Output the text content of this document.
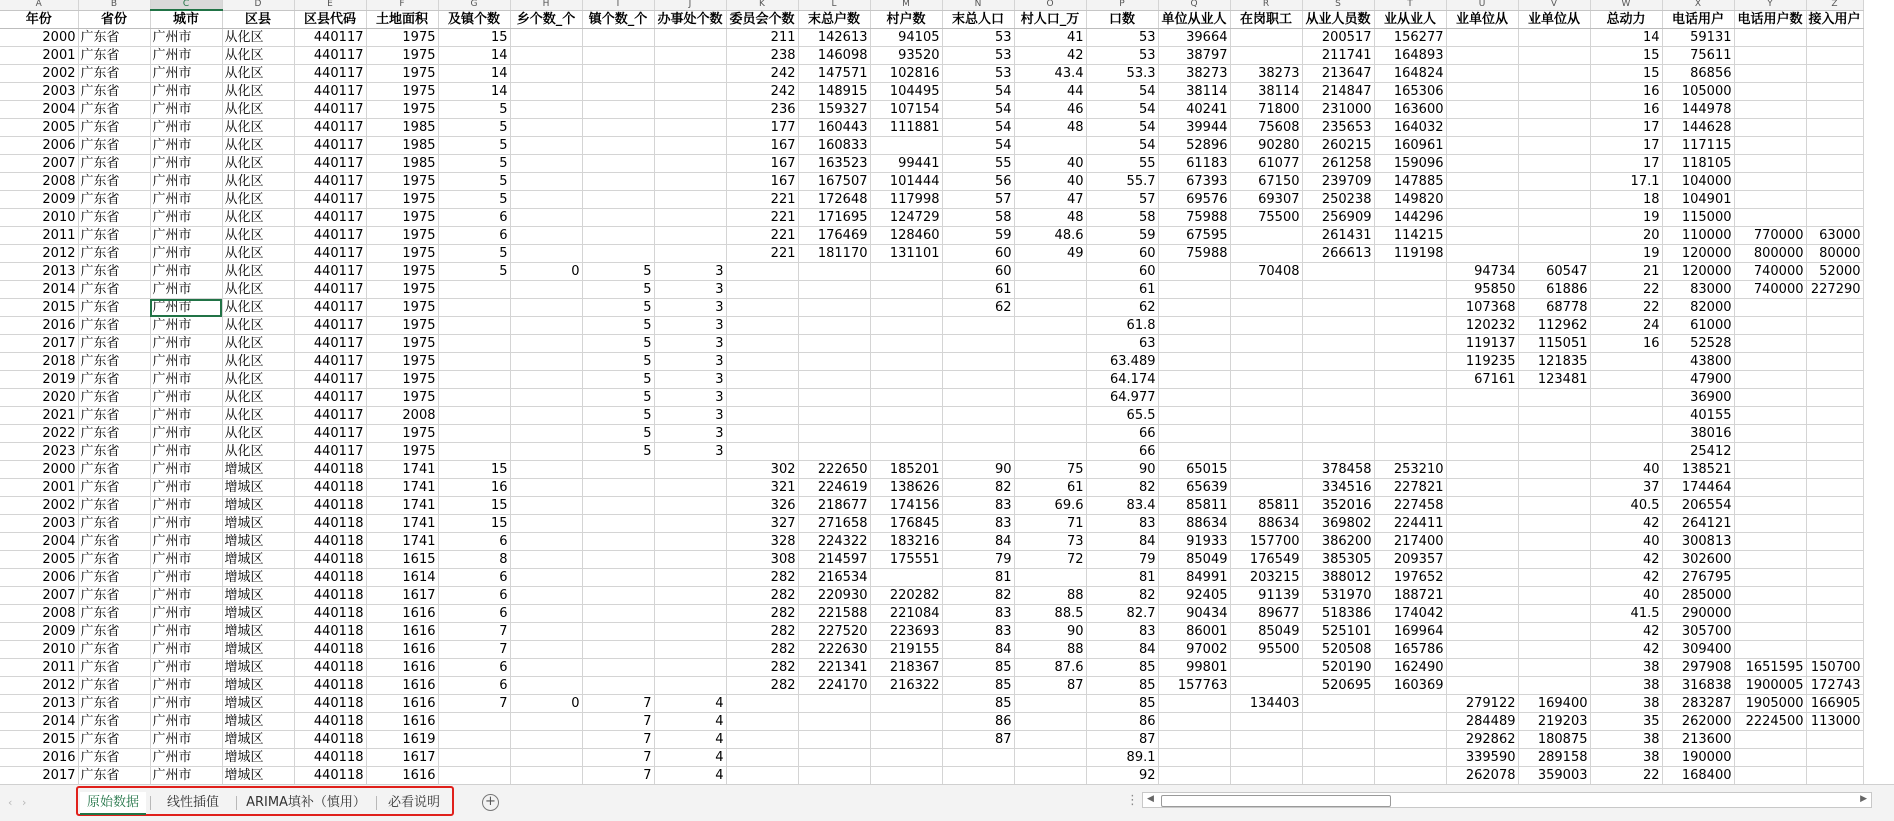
A	B	C	D	E	F	G	H	I	J	K	L	M	N	O	P	Q	R	S	T	U	V	W	X	Y	Z
年份	省份	城市	区县	区县代码	土地面积	及镇个数	乡个数_个	镇个数_个	办事处个数	委员会个数	末总户数	村户数	末总人口	村人口_万	口数	单位从业人	在岗职工	从业人员数	业从业人	业单位从	业单位从	总动力	电话用户	电话用户数	接入用户
2000	广东省	广州市	从化区	440117	1975	15				211	142613	94105	53	41	53	39664		200517	156277			14	59131		
2001	广东省	广州市	从化区	440117	1975	14				238	146098	93520	53	42	53	38797		211741	164893			15	75611		
2002	广东省	广州市	从化区	440117	1975	14				242	147571	102816	53	43.4	53.3	38273	38273	213647	164824			15	86856		
2003	广东省	广州市	从化区	440117	1975	14				242	148915	104495	54	44	54	38114	38114	214847	165306			16	105000		
2004	广东省	广州市	从化区	440117	1975	5				236	159327	107154	54	46	54	40241	71800	231000	163600			16	144978		
2005	广东省	广州市	从化区	440117	1985	5				177	160443	111881	54	48	54	39944	75608	235653	164032			17	144628		
2006	广东省	广州市	从化区	440117	1985	5				167	160833		54		54	52896	90280	260215	160961			17	117115		
2007	广东省	广州市	从化区	440117	1985	5				167	163523	99441	55	40	55	61183	61077	261258	159096			17	118105		
2008	广东省	广州市	从化区	440117	1975	5				167	167507	101444	56	40	55.7	67393	67150	239709	147885			17.1	104000		
2009	广东省	广州市	从化区	440117	1975	5				221	172648	117998	57	47	57	69576	69307	250238	149820			18	104901		
2010	广东省	广州市	从化区	440117	1975	6				221	171695	124729	58	48	58	75988	75500	256909	144296			19	115000		
2011	广东省	广州市	从化区	440117	1975	6				221	176469	128460	59	48.6	59	67595		261431	114215			20	110000	770000	63000
2012	广东省	广州市	从化区	440117	1975	5				221	181170	131101	60	49	60	75988		266613	119198			19	120000	800000	80000
2013	广东省	广州市	从化区	440117	1975	5	0	5	3				60		60		70408			94734	60547	21	120000	740000	52000
2014	广东省	广州市	从化区	440117	1975			5	3				61		61					95850	61886	22	83000	740000	227290
2015	广东省	广州市	从化区	440117	1975			5	3				62		62					107368	68778	22	82000		
2016	广东省	广州市	从化区	440117	1975			5	3						61.8					120232	112962	24	61000		
2017	广东省	广州市	从化区	440117	1975			5	3						63					119137	115051	16	52528		
2018	广东省	广州市	从化区	440117	1975			5	3						63.489					119235	121835		43800		
2019	广东省	广州市	从化区	440117	1975			5	3						64.174					67161	123481		47900		
2020	广东省	广州市	从化区	440117	1975			5	3						64.977								36900		
2021	广东省	广州市	从化区	440117	2008			5	3						65.5								40155		
2022	广东省	广州市	从化区	440117	1975			5	3						66								38016		
2023	广东省	广州市	从化区	440117	1975			5	3						66								25412		
2000	广东省	广州市	增城区	440118	1741	15				302	222650	185201	90	75	90	65015		378458	253210			40	138521		
2001	广东省	广州市	增城区	440118	1741	16				321	224619	138626	82	61	82	65639		334516	227821			37	174464		
2002	广东省	广州市	增城区	440118	1741	15				326	218677	174156	83	69.6	83.4	85811	85811	352016	227458			40.5	206554		
2003	广东省	广州市	增城区	440118	1741	15				327	271658	176845	83	71	83	88634	88634	369802	224411			42	264121		
2004	广东省	广州市	增城区	440118	1741	6				328	224322	183216	84	73	84	91933	157700	386200	217400			40	300813		
2005	广东省	广州市	增城区	440118	1615	8				308	214597	175551	79	72	79	85049	176549	385305	209357			42	302600		
2006	广东省	广州市	增城区	440118	1614	6				282	216534		81		81	84991	203215	388012	197652			42	276795		
2007	广东省	广州市	增城区	440118	1617	6				282	220930	220282	82	88	82	92405	91139	531970	188721			40	285000		
2008	广东省	广州市	增城区	440118	1616	6				282	221588	221084	83	88.5	82.7	90434	89677	518386	174042			41.5	290000		
2009	广东省	广州市	增城区	440118	1616	7				282	227520	223693	83	90	83	86001	85049	525101	169964			42	305700		
2010	广东省	广州市	增城区	440118	1616	7				282	222630	219155	84	88	84	97002	95500	520508	165786			42	309400		
2011	广东省	广州市	增城区	440118	1616	6				282	221341	218367	85	87.6	85	99801		520190	162490			38	297908	1651595	150700
2012	广东省	广州市	增城区	440118	1616	6				282	224170	216322	85	87	85	157763		520695	160369			38	316838	1900005	172743
2013	广东省	广州市	增城区	440118	1616	7	0	7	4				85		85		134403			279122	169400	38	283287	1905000	166905
2014	广东省	广州市	增城区	440118	1616			7	4				86		86					284489	219203	35	262000	2224500	113000
2015	广东省	广州市	增城区	440118	1619			7	4				87		87					292862	180875	38	213600		
2016	广东省	广州市	增城区	440118	1617			7	4						89.1					339590	289158	38	190000		
2017	广东省	广州市	增城区	440118	1616			7	4						92					262078	359003	22	168400		
‹ ›	原始数据	线性插值	ARIMA填补（慎用）	必看说明	+	⋮ ◀	▶
